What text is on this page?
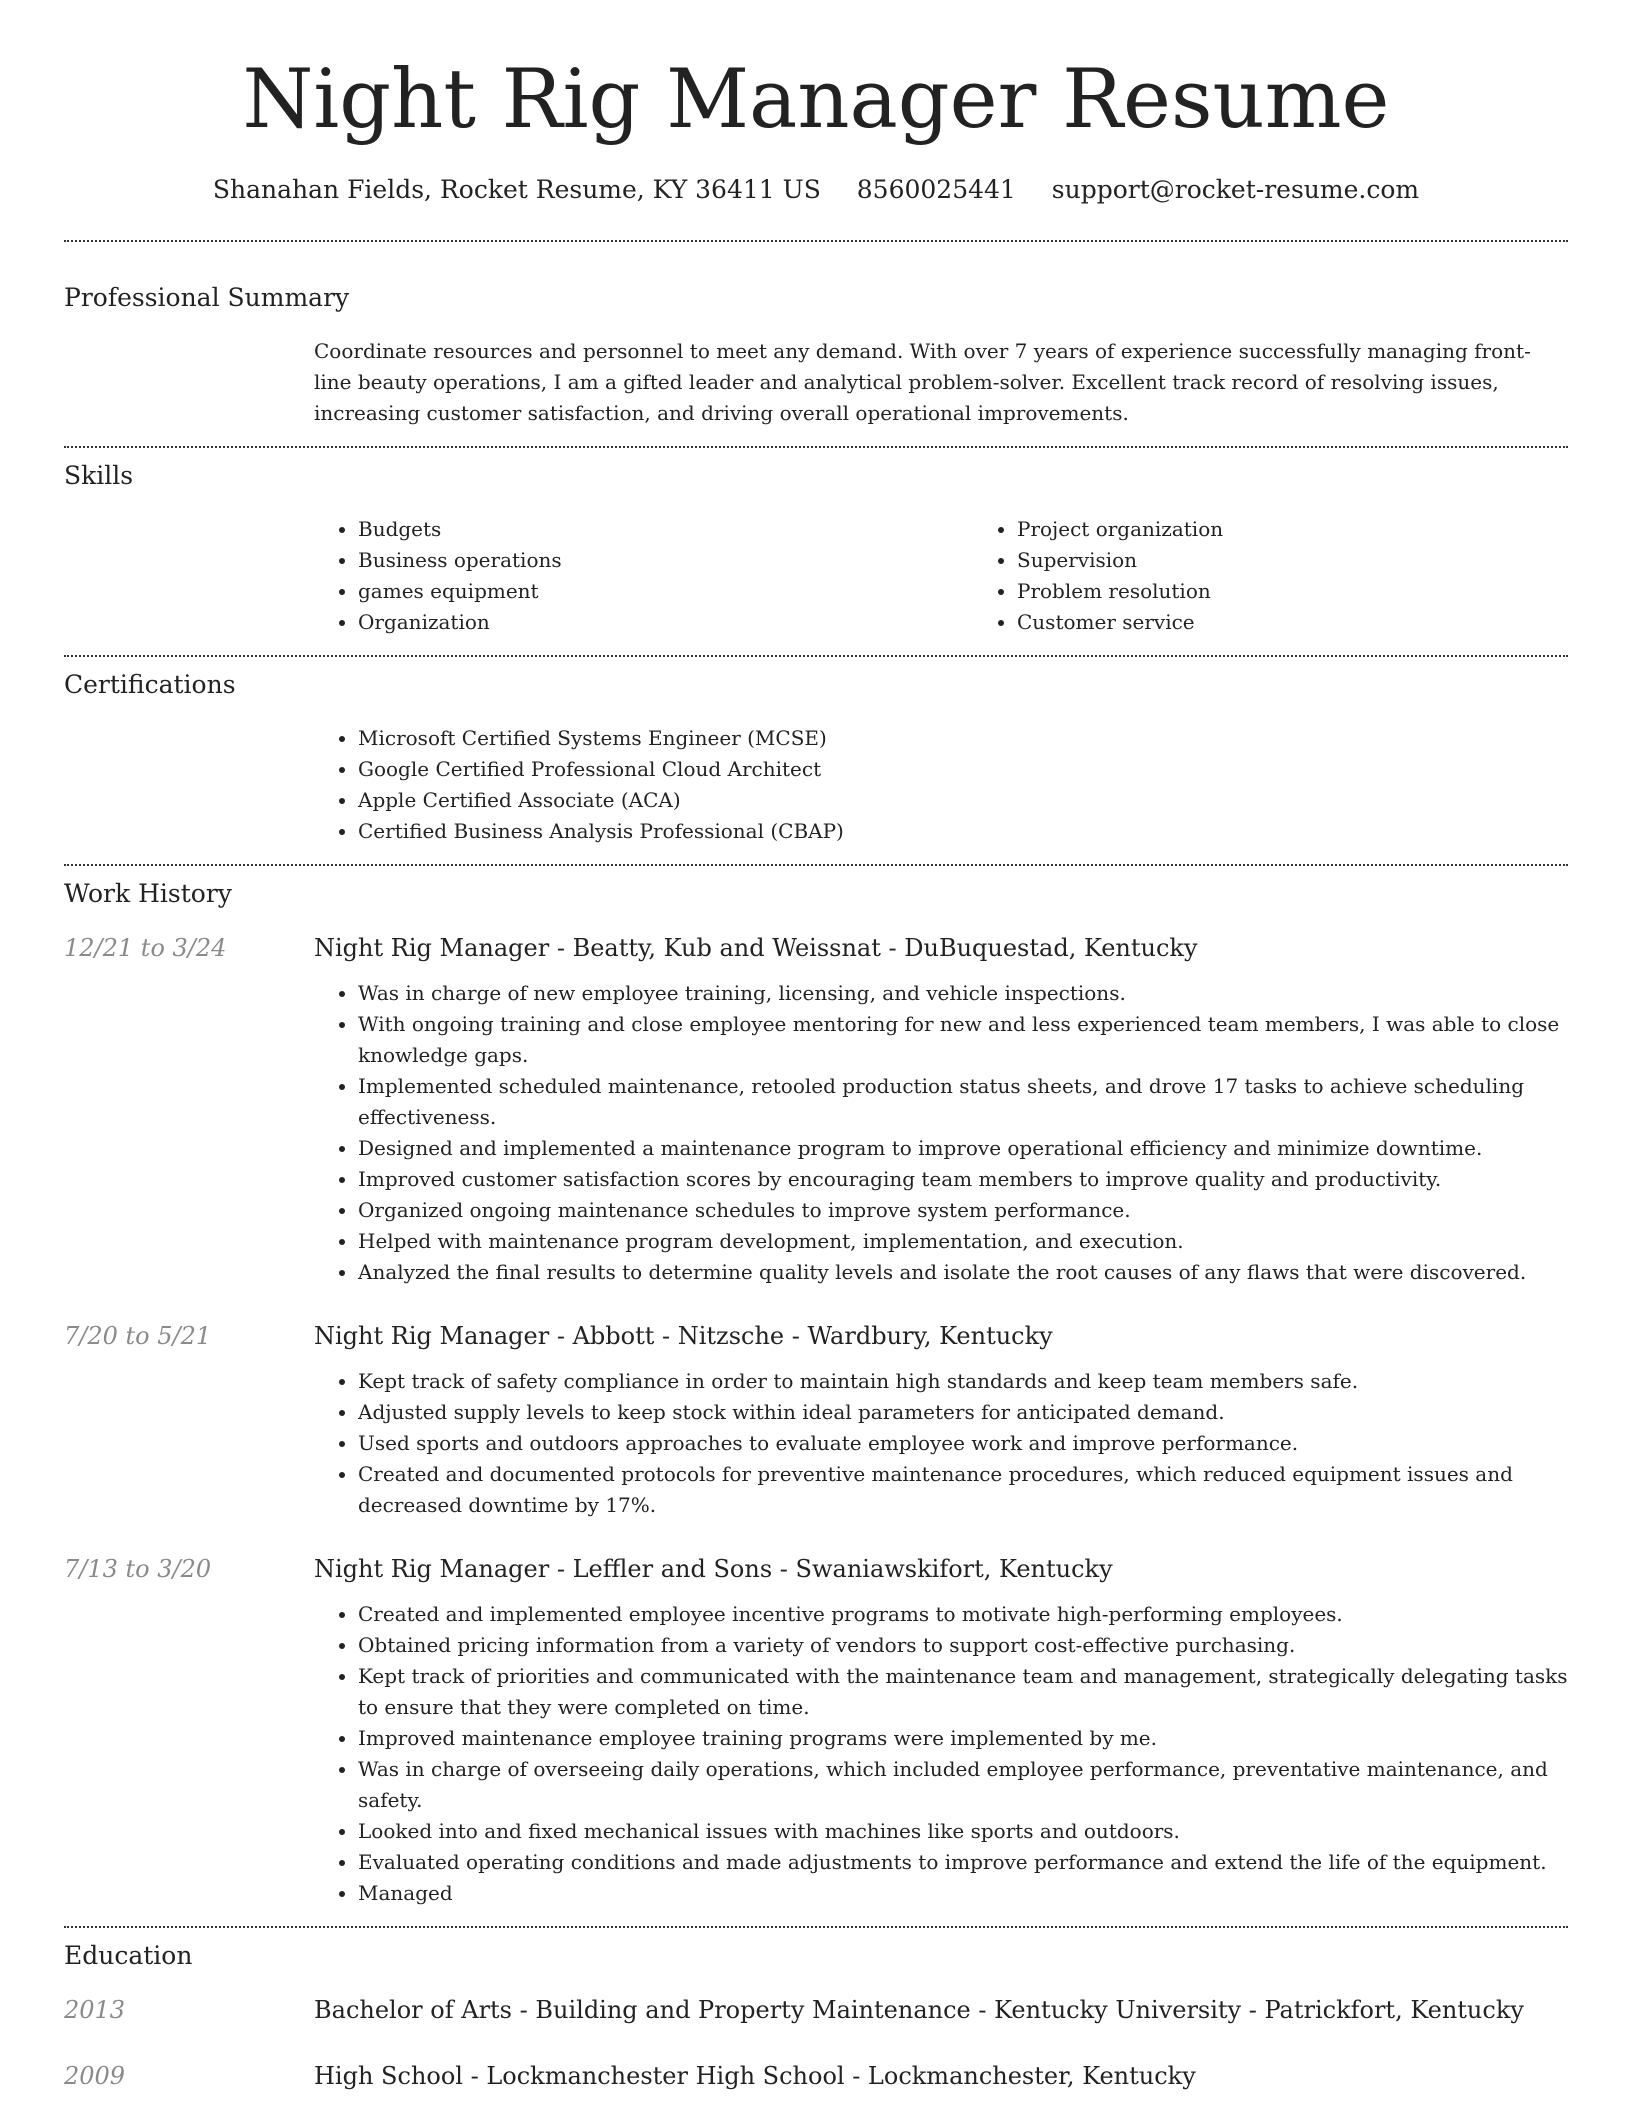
Night Rig Manager Resume
Shanahan Fields, Rocket Resume, KY 36411 US 8560025441 support@rocket-resume.com
Professional Summary

Coordinate resources and personnel to meet any demand. With over 7 years of experience successfully managing front-line beauty operations, I am a gifted leader and analytical problem-solver. Excellent track record of resolving issues, increasing customer satisfaction, and driving overall operational improvements.

Skills
• Budgets
• Business operations
• games equipment
• Organization
• Project organization
• Supervision
• Problem resolution
• Customer service
Certifications
• Microsoft Certified Systems Engineer (MCSE)
• Google Certified Professional Cloud Architect
• Apple Certified Associate (ACA)
• Certified Business Analysis Professional (CBAP)
Work History
12/21 to 3/24	Night Rig Manager - Beatty, Kub and Weissnat - DuBuquestad, Kentucky
• Was in charge of new employee training, licensing, and vehicle inspections.
• With ongoing training and close employee mentoring for new and less experienced team members, I was able to close knowledge gaps.
• Implemented scheduled maintenance, retooled production status sheets, and drove 17 tasks to achieve scheduling effectiveness.
• Designed and implemented a maintenance program to improve operational efficiency and minimize downtime.
• Improved customer satisfaction scores by encouraging team members to improve quality and productivity.
• Organized ongoing maintenance schedules to improve system performance.
• Helped with maintenance program development, implementation, and execution.
• Analyzed the final results to determine quality levels and isolate the root causes of any flaws that were discovered.
7/20 to 5/21	Night Rig Manager - Abbott - Nitzsche - Wardbury, Kentucky
• Kept track of safety compliance in order to maintain high standards and keep team members safe.
• Adjusted supply levels to keep stock within ideal parameters for anticipated demand.
• Used sports and outdoors approaches to evaluate employee work and improve performance.
• Created and documented protocols for preventive maintenance procedures, which reduced equipment issues and decreased downtime by 17%.
7/13 to 3/20	Night Rig Manager - Leffler and Sons - Swaniawskifort, Kentucky
• Created and implemented employee incentive programs to motivate high-performing employees.
• Obtained pricing information from a variety of vendors to support cost-effective purchasing.
• Kept track of priorities and communicated with the maintenance team and management, strategically delegating tasks to ensure that they were completed on time.
• Improved maintenance employee training programs were implemented by me.
• Was in charge of overseeing daily operations, which included employee performance, preventative maintenance, and safety.
• Looked into and fixed mechanical issues with machines like sports and outdoors.
• Evaluated operating conditions and made adjustments to improve performance and extend the life of the equipment.
• Managed
Education
2013	Bachelor of Arts - Building and Property Maintenance - Kentucky University - Patrickfort, Kentucky
2009	High School - Lockmanchester High School - Lockmanchester, Kentucky
